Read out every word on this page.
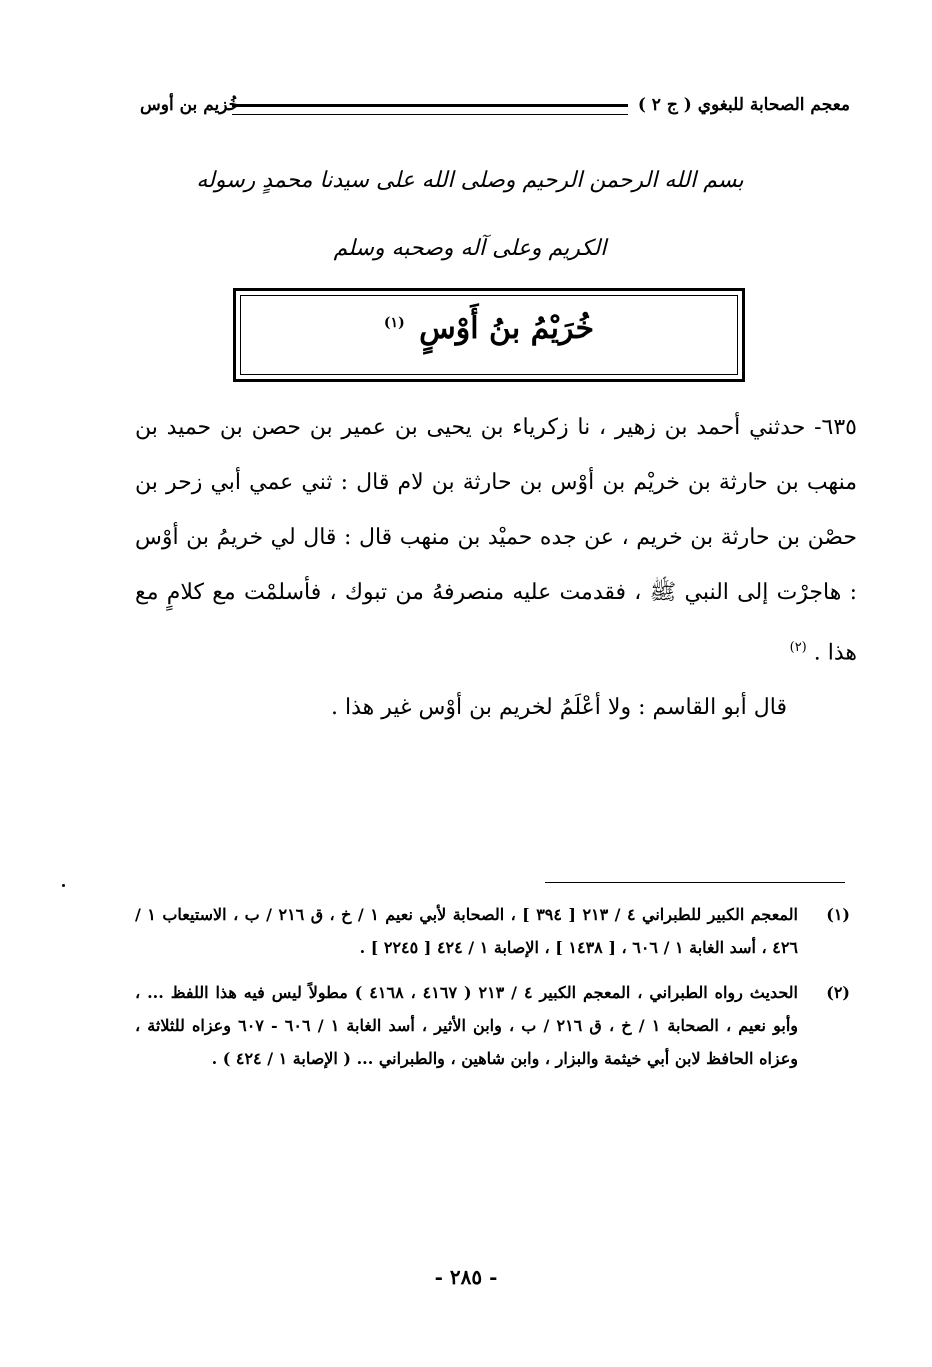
معجم الصحابة للبغوي ( ج ٢ )
خُزيم بن أوس
بسم الله الرحمن الرحيم وصلى الله على سيدنا محمدٍ رسوله
الكريم وعلى آله وصحبه وسلم
خُرَيْمُ بنُ أَوْسٍ $^{(١)}$

٦٣٥- حدثني أحمد بن زهير ، نا زكرياء بن يحيى بن عمير بن حصن بن حميد بن منهب بن حارثة بن خريْم بن أوْس بن حارثة بن لام قال : ثني عمي أبي زحر بن حصْن بن حارثة بن خريم ، عن جده حميْد بن منهب قال : قال لي خريمُ بن أوْس : هاجرْت إلى النبي ﷺ ، فقدمت عليه منصرفهُ من تبوك ، فأسلمْت مع كلامٍ مع هذا . $^{(٢)}$

قال أبو القاسم : ولا أعْلَمُ لخريم بن أوْس غير هذا .

(١)
المعجم الكبير للطبراني ٤ / ٢١٣ [ ٣٩٤ ] ، الصحابة لأبي نعيم ١ / خ ، ق ٢١٦ / ب ، الاستيعاب ١ / ٤٢٦ ، أسد الغابة ١ / ٦٠٦ ، [ ١٤٣٨ ] ، الإصابة ١ / ٤٢٤ [ ٢٢٤٥ ] .
(٢)
الحديث رواه الطبراني ، المعجم الكبير ٤ / ٢١٣ ( ٤١٦٧ ، ٤١٦٨ ) مطولاً ليس فيه هذا اللفظ ... ، وأبو نعيم ، الصحابة ١ / خ ، ق ٢١٦ / ب ، وابن الأثير ، أسد الغابة ١ / ٦٠٦ - ٦٠٧ وعزاه للثلاثة ، وعزاه الحافظ لابن أبي خيثمة والبزار ، وابن شاهين ، والطبراني ... ( الإصابة ١ / ٤٢٤ ) .
- ٢٨٥ -
